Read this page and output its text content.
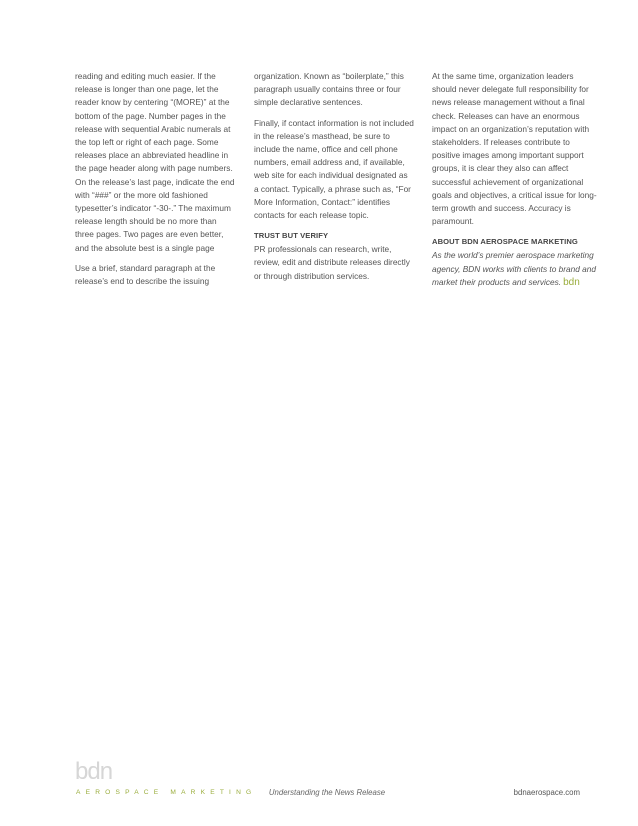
reading and editing much easier. If the release is longer than one page, let the reader know by centering “(MORE)” at the bottom of the page. Number pages in the release with sequential Arabic numerals at the top left or right of each page. Some releases place an abbreviated headline in the page header along with page numbers. On the release’s last page, indicate the end with “###” or the more old fashioned typesetter’s indicator “-30-.” The maximum release length should be no more than three pages. Two pages are even better, and the absolute best is a single page

Use a brief, standard paragraph at the release’s end to describe the issuing

organization. Known as “boilerplate,” this paragraph usually contains three or four simple declarative sentences.

Finally, if contact information is not included in the release’s masthead, be sure to include the name, office and cell phone numbers, email address and, if available, web site for each individual designated as a contact. Typically, a phrase such as, “For More Information, Contact:” identifies contacts for each release topic.

TRUST BUT VERIFY

PR professionals can research, write, review, edit and distribute releases directly or through distribution services.

At the same time, organization leaders should never delegate full responsibility for news release management without a final check. Releases can have an enormous impact on an organization’s reputation with stakeholders. If releases contribute to positive images among important support groups, it is clear they also can affect successful achievement of organizational goals and objectives, a critical issue for long-term growth and success. Accuracy is paramount.

ABOUT BDN AEROSPACE MARKETING

As the world’s premier aerospace marketing agency, BDN works with clients to brand and market their products and services. bdn

bdn
AEROSPACE MARKETING	Understanding the News Release	bdnaerospace.com
